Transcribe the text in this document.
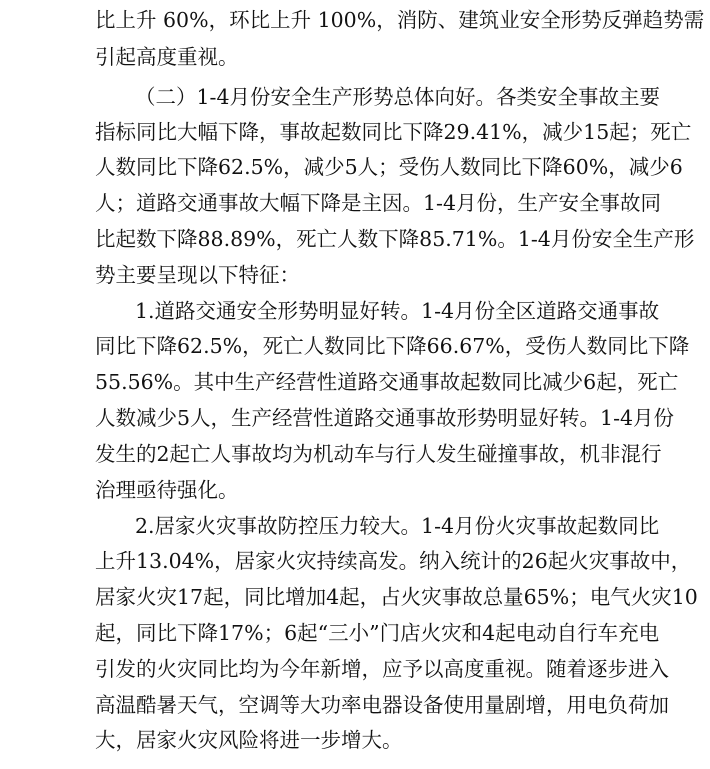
比上升 60%，环比上升 100%，消防、建筑业安全形势反弹趋势需
引起高度重视。
（二）1-4月份安全生产形势总体向好。各类安全事故主要
指标同比大幅下降，事故起数同比下降29.41%，减少15起；死亡
人数同比下降62.5%，减少5人；受伤人数同比下降60%，减少6
人；道路交通事故大幅下降是主因。1-4月份，生产安全事故同
比起数下降88.89%，死亡人数下降85.71%。1-4月份安全生产形
势主要呈现以下特征：
1.道路交通安全形势明显好转。1-4月份全区道路交通事故
同比下降62.5%，死亡人数同比下降66.67%，受伤人数同比下降
55.56%。其中生产经营性道路交通事故起数同比减少6起，死亡
人数减少5人，生产经营性道路交通事故形势明显好转。1-4月份
发生的2起亡人事故均为机动车与行人发生碰撞事故，机非混行
治理亟待强化。
2.居家火灾事故防控压力较大。1-4月份火灾事故起数同比
上升13.04%，居家火灾持续高发。纳入统计的26起火灾事故中，
居家火灾17起，同比增加4起，占火灾事故总量65%；电气火灾10
起，同比下降17%；6起“三小”门店火灾和4起电动自行车充电
引发的火灾同比均为今年新增，应予以高度重视。随着逐步进入
高温酷暑天气，空调等大功率电器设备使用量剧增，用电负荷加
大，居家火灾风险将进一步增大。
